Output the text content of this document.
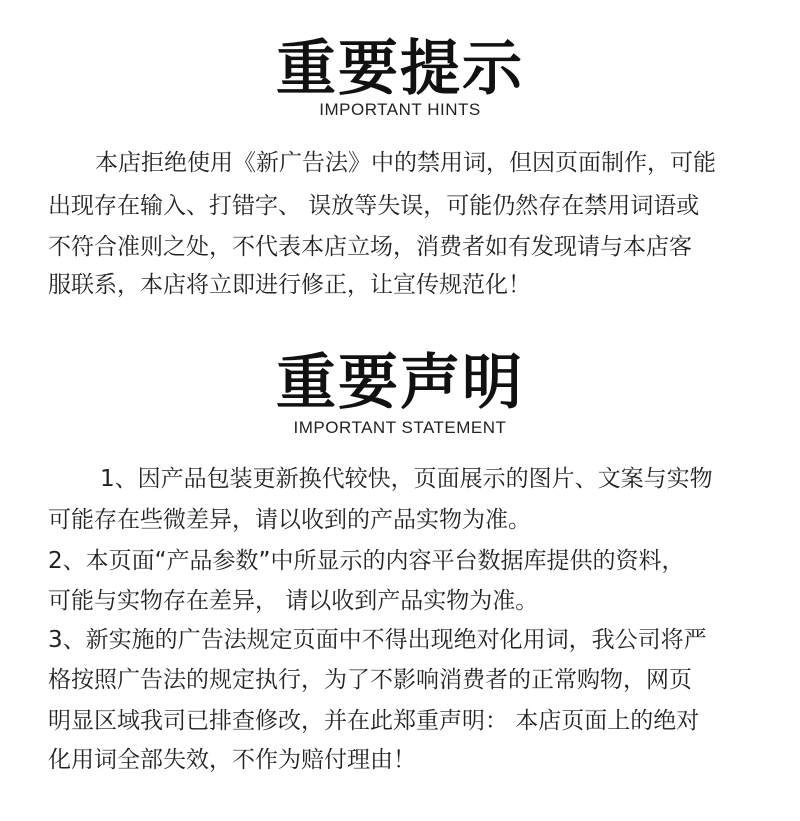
重要提示
IMPORTANT HINTS
本店拒绝使用《新广告法》中的禁用词，但因页面制作，可能
出现存在输入、打错字、 误放等失误，可能仍然存在禁用词语或
不符合准则之处，不代表本店立场，消费者如有发现请与本店客
服联系，本店将立即进行修正，让宣传规范化！
重要声明
IMPORTANT STATEMENT
1、因产品包装更新换代较快，页面展示的图片、文案与实物
可能存在些微差异，请以收到的产品实物为准。
2、本页面“产品参数”中所显示的内容平台数据库提供的资料，
可能与实物存在差异， 请以收到产品实物为准。
3、新实施的广告法规定页面中不得出现绝对化用词，我公司将严
格按照广告法的规定执行，为了不影响消费者的正常购物，网页
明显区域我司已排查修改，并在此郑重声明： 本店页面上的绝对
化用词全部失效，不作为赔付理由！
